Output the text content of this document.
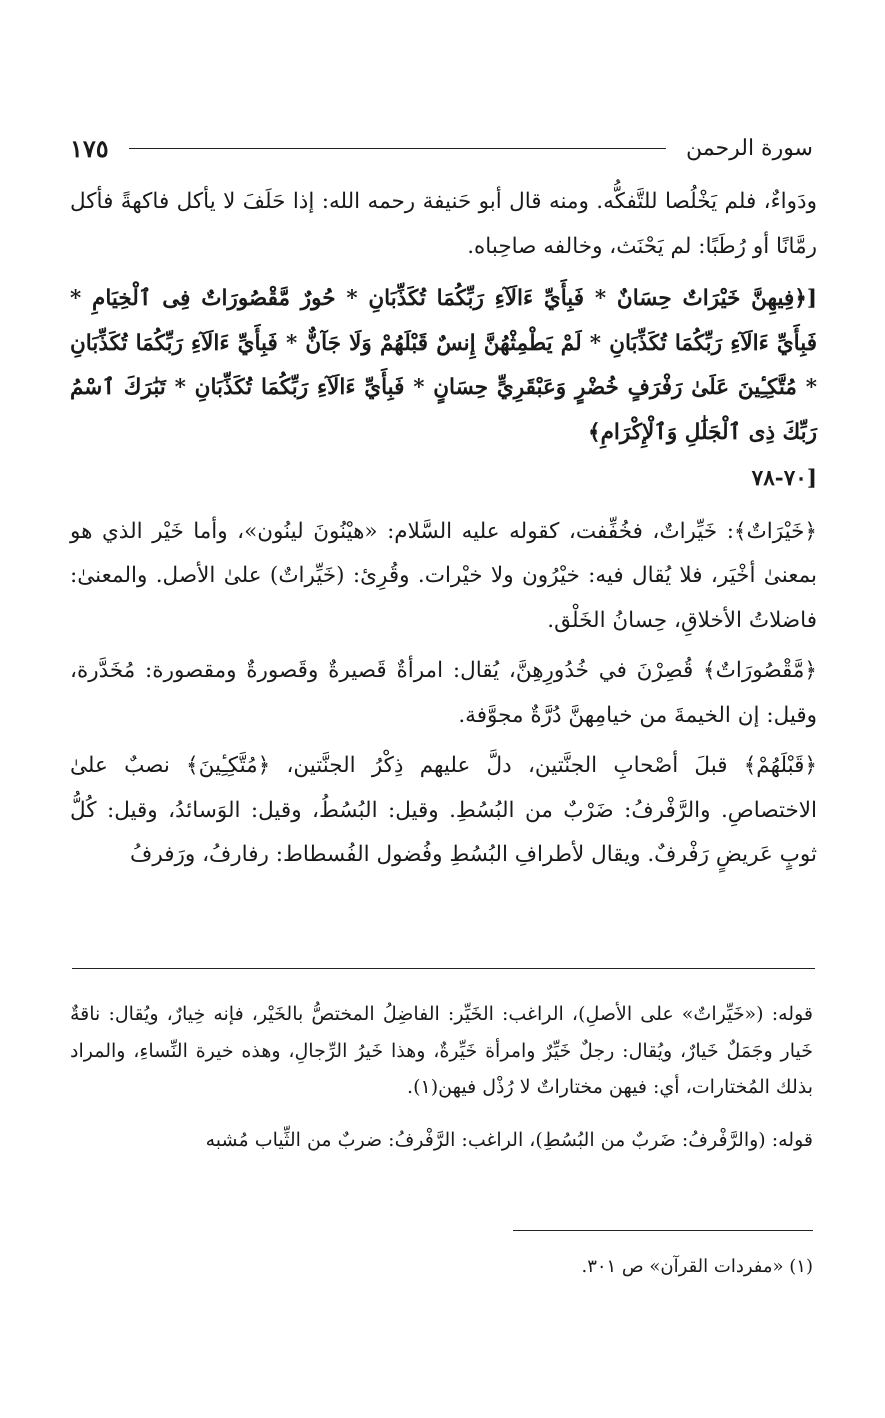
١٧٥	سورة الرحمن

ودَواءٌ، فلم يَخْلُصا للتَّفكُّه. ومنه قال أبو حَنيفة رحمه الله: إذا حَلَفَ لا يأكل فاكهةً فأكل رمَّانًا أو رُطَبًا: لم يَحْنَث، وخالفه صاحِباه.

[﴿فِيهِنَّ خَيْرَاتٌ حِسَانٌ * فَبِأَيِّ ءَالَآءِ رَبِّكُمَا تُكَذِّبَانِ * حُورٌ مَّقْصُورَاتٌ فِى ٱلْخِيَامِ * فَبِأَيِّ ءَالَآءِ رَبِّكُمَا تُكَذِّبَانِ * لَمْ يَطْمِثْهُنَّ إِنسٌ قَبْلَهُمْ وَلَا جَآنٌّ * فَبِأَيِّ ءَالَآءِ رَبِّكُمَا تُكَذِّبَانِ * مُتَّكِـِٔينَ عَلَىٰ رَفْرَفٍ خُضْرٍ وَعَبْقَرِيٍّ حِسَانٍ * فَبِأَيِّ ءَالَآءِ رَبِّكُمَا تُكَذِّبَانِ * تَبَٰرَكَ ٱسْمُ رَبِّكَ ذِى ٱلْجَلَٰلِ وَٱلْإِكْرَامِ﴾
[٧٠-٧٨

﴿خَيْرَاتٌ﴾: خَيِّراتٌ، فخُفِّفت، كقوله عليه السَّلام: «هيْنُونَ لينُون»، وأما خَيْر الذي هو بمعنىٰ أخْيَر، فلا يُقال فيه: خيْرُون ولا خيْرات. وقُرِئ: (خَيِّراتٌ) علىٰ الأصل. والمعنىٰ: فاضلاتُ الأخلاقِ، حِسانُ الخَلْق.

﴿مَّقْصُورَاتٌ﴾ قُصِرْنَ في خُدُورِهِنَّ، يُقال: امرأةٌ قَصيرةٌ وقَصورةٌ ومقصورة: مُخَدَّرة، وقيل: إن الخيمةَ من خيامِهنَّ دُرَّةٌ مجوَّفة.

﴿قَبْلَهُمْ﴾ قبلَ أصْحابِ الجنَّتين، دلَّ عليهم ذِكْرُ الجنَّتين، ﴿مُتَّكِـِٔينَ﴾ نصبٌ علىٰ الاختصاصِ. والرَّفْرفُ: ضَرْبٌ من البُسُطِ. وقيل: البُسُطُ، وقيل: الوَسائدُ، وقيل: كُلُّ ثوبٍ عَريضٍ رَفْرفٌ. ويقال لأطرافِ البُسُطِ وفُضول الفُسطاط: رفارفُ، ورَفرفُ

قوله: («خَيِّراتٌ» على الأصلِ)، الراغب: الخَيِّر: الفاضِلُ المختصُّ بالخَيْر، فإنه خِيارٌ، ويُقال: ناقةٌ خَيار وجَمَلٌ خَيارٌ، ويُقال: رجلٌ خَيِّرٌ وامرأة خَيِّرةٌ، وهذا خَيرُ الرِّجالِ، وهذه خيرة النِّساءِ، والمراد بذلك المُختارات، أي: فيهن مختاراتٌ لا رُذْل فيهن(١).

قوله: (والرَّفْرفُ: ضَربٌ من البُسُطِ)، الراغب: الرَّفْرفُ: ضربٌ من الثِّياب مُشبه

(١) «مفردات القرآن» ص ٣٠١.
